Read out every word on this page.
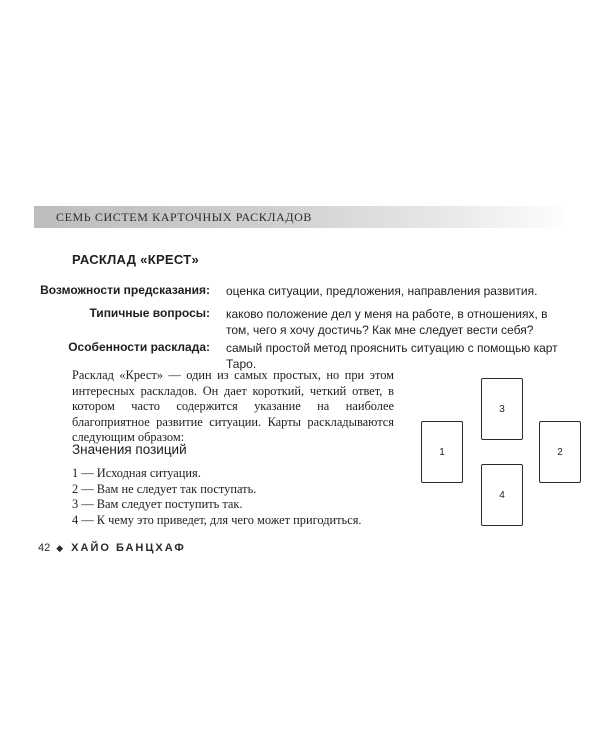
СЕМЬ СИСТЕМ КАРТОЧНЫХ РАСКЛАДОВ
РАСКЛАД «КРЕСТ»
Возможности предсказания: оценка ситуации, предложения, направления развития.
Типичные вопросы: каково положение дел у меня на работе, в отношениях, в том, чего я хочу достичь? Как мне следует вести себя?
Особенности расклада: самый простой метод прояснить ситуацию с помощью карт Таро.
Расклад «Крест» — один из самых простых, но при этом интересных раскладов. Он дает короткий, четкий ответ, в котором часто содержится указание на наиболее благоприятное развитие ситуации. Карты раскладываются следующим образом:
Значения позиций
1 — Исходная ситуация.
2 — Вам не следует так поступать.
3 — Вам следует поступить так.
4 — К чему это приведет, для чего может пригодиться.
1	2
3
4
42 ◆ ХАЙО БАНЦХАФ
